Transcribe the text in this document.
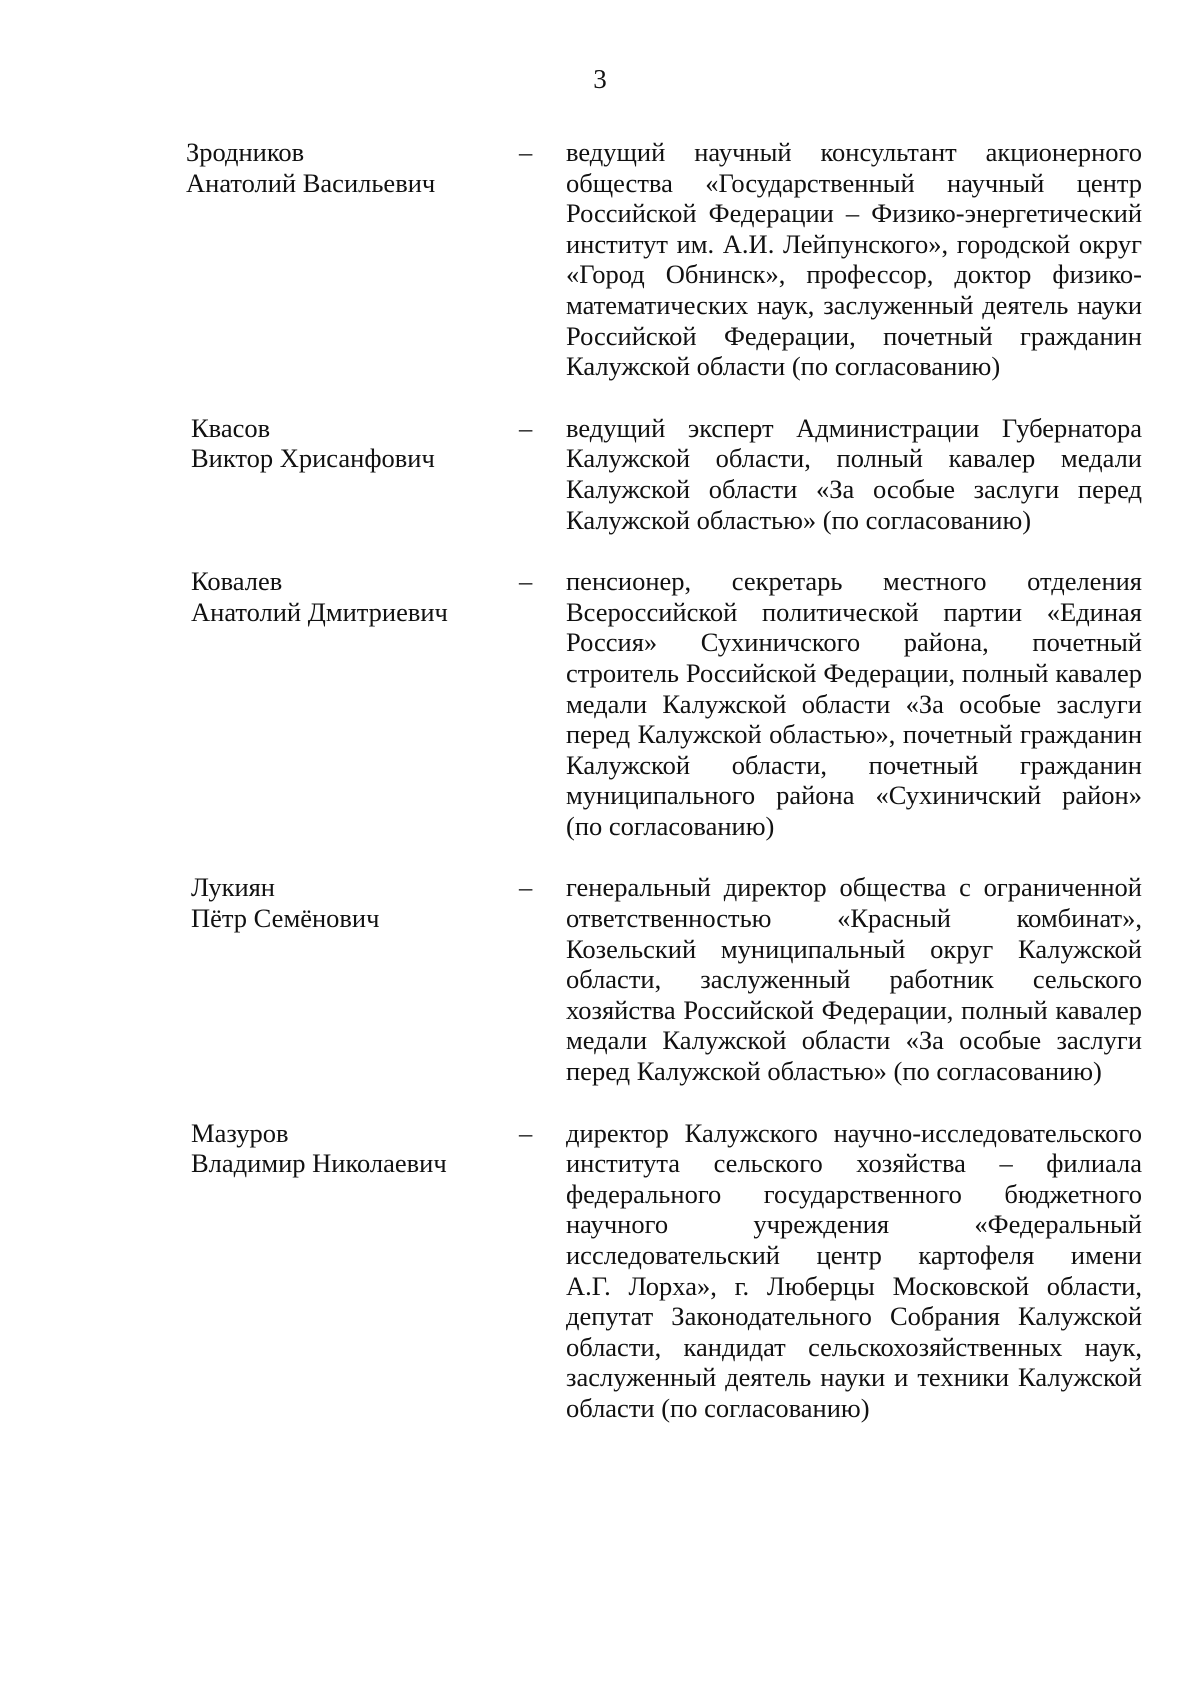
3
Зродников
Анатолий Васильевич
– ведущий научный консультант акционерного
общества «Государственный научный центр
Российской Федерации – Физико-энергетический
институт им. А.И. Лейпунского», городской округ
«Город Обнинск», профессор, доктор физико-
математических наук, заслуженный деятель науки
Российской Федерации, почетный гражданин
Калужской области (по согласованию)
Квасов
Виктор Хрисанфович
– ведущий эксперт Администрации Губернатора
Калужской области, полный кавалер медали
Калужской области «За особые заслуги перед
Калужской областью» (по согласованию)
Ковалев
Анатолий Дмитриевич
– пенсионер, секретарь местного отделения
Всероссийской политической партии «Единая
Россия» Сухиничского района, почетный
строитель Российской Федерации, полный кавалер
медали Калужской области «За особые заслуги
перед Калужской областью», почетный гражданин
Калужской области, почетный гражданин
муниципального района «Сухиничский район»
(по согласованию)
Лукиян
Пётр Семёнович
– генеральный директор общества с ограниченной
ответственностью «Красный комбинат»,
Козельский муниципальный округ Калужской
области, заслуженный работник сельского
хозяйства Российской Федерации, полный кавалер
медали Калужской области «За особые заслуги
перед Калужской областью» (по согласованию)
Мазуров
Владимир Николаевич
– директор Калужского научно-исследовательского
института сельского хозяйства – филиала
федерального государственного бюджетного
научного учреждения «Федеральный
исследовательский центр картофеля имени
А.Г. Лорха», г. Люберцы Московской области,
депутат Законодательного Собрания Калужской
области, кандидат сельскохозяйственных наук,
заслуженный деятель науки и техники Калужской
области (по согласованию)
